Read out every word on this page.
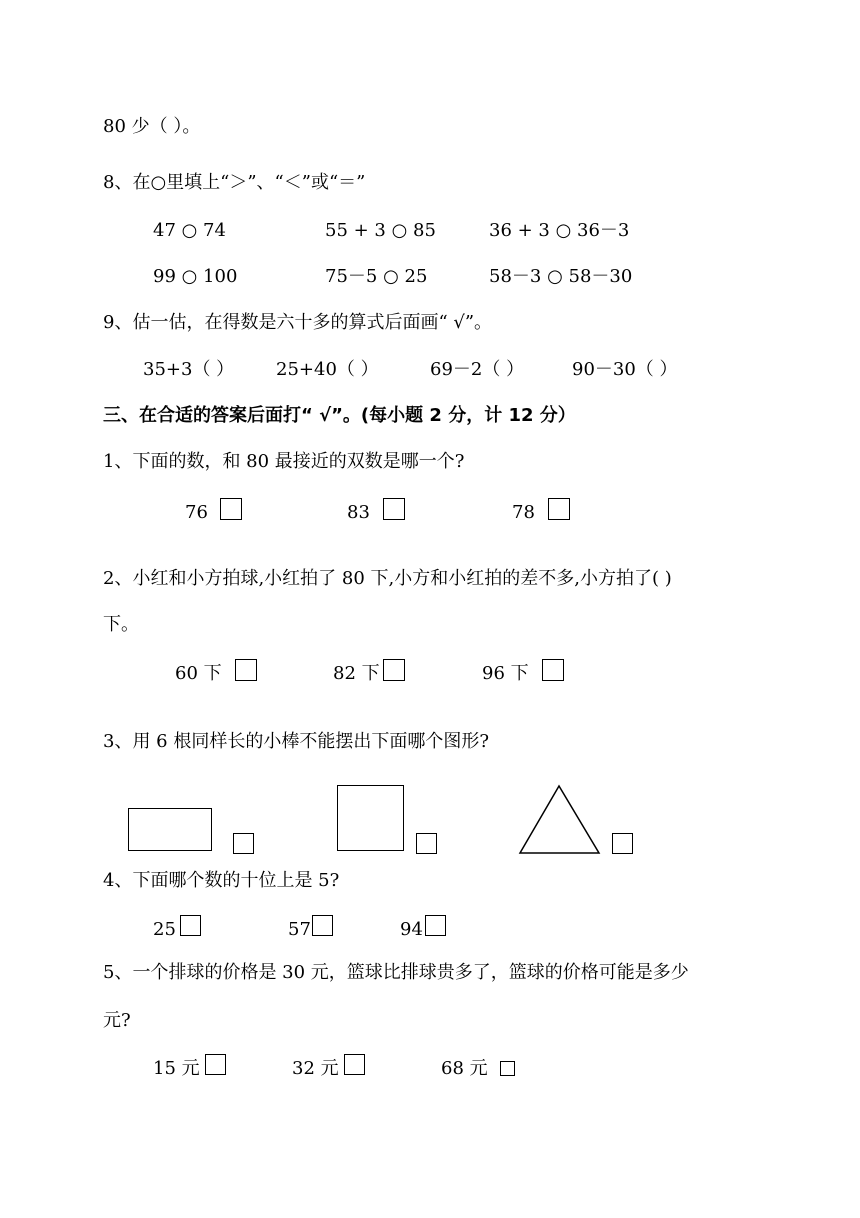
80 少（ ）。
8、在○里填上“＞”、“＜”或“＝”
47 ○ 74	55 + 3 ○ 85	36 + 3 ○ 36－3
99 ○ 100	75－5 ○ 25	58－3 ○ 58－30
9、估一估，在得数是六十多的算式后面画“ √”。
35+3（ ） 25+40（ ）	69－2（ ）	90－30（ ）
三、在合适的答案后面打“ √”。(每小题 2 分，计 12 分）
1、下面的数，和 80 最接近的双数是哪一个?
76	83	78
2、小红和小方拍球,小红拍了 80 下,小方和小红拍的差不多,小方拍了( )
下。
60 下	82 下	96 下
3、用 6 根同样长的小棒不能摆出下面哪个图形?
4、下面哪个数的十位上是 5?
25	57	94
5、一个排球的价格是 30 元，篮球比排球贵多了，篮球的价格可能是多少
元?
15 元	32 元	68 元
